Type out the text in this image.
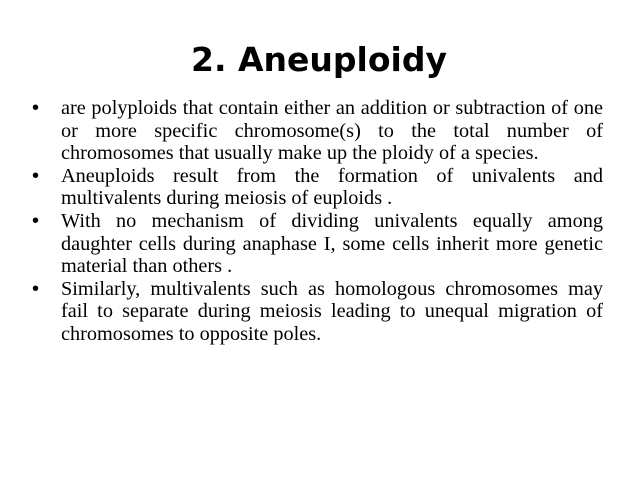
2. Aneuploidy
• are polyploids that contain either an addition or subtraction of one or more specific chromosome(s) to the total number of chromosomes that usually make up the ploidy of a species.
• Aneuploids result from the formation of univalents and multivalents during meiosis of euploids .
• With no mechanism of dividing univalents equally among daughter cells during anaphase I, some cells inherit more genetic material than others .
• Similarly, multivalents such as homologous chromosomes may fail to separate during meiosis leading to unequal migration of chromosomes to opposite poles.
